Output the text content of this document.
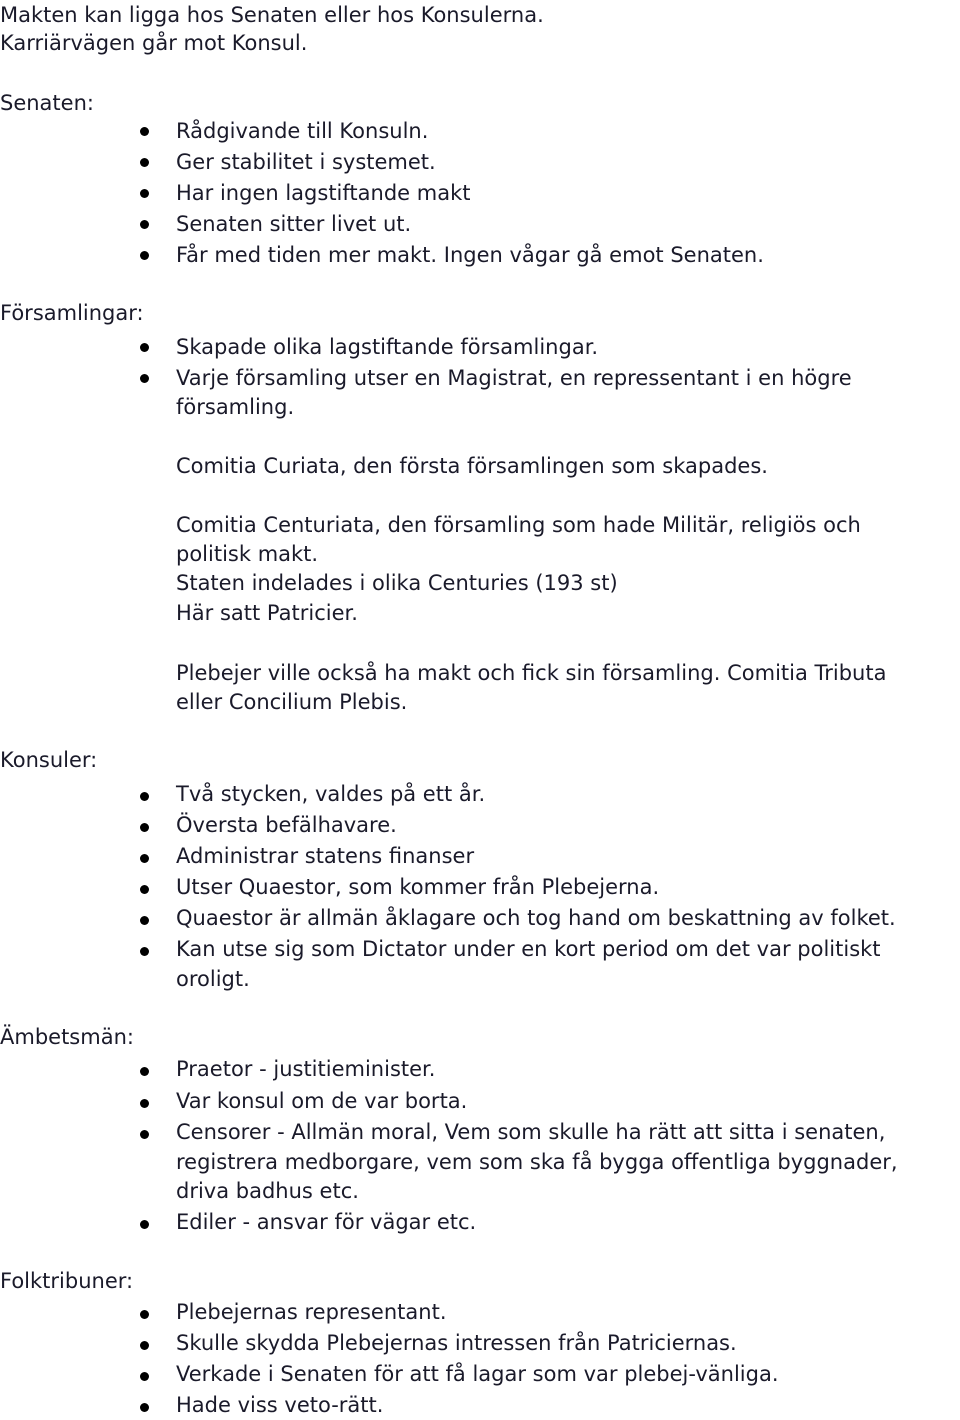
Makten kan ligga hos Senaten eller hos Konsulerna.
Karriärvägen går mot Konsul.
Senaten:
Rådgivande till Konsuln.
Ger stabilitet i systemet.
Har ingen lagstiftande makt
Senaten sitter livet ut.
Får med tiden mer makt. Ingen vågar gå emot Senaten.
Församlingar:
Skapade olika lagstiftande församlingar.
Varje församling utser en Magistrat, en repressentant i en högre
församling.
Comitia Curiata, den första församlingen som skapades.
Comitia Centuriata, den församling som hade Militär, religiös och
politisk makt.
Staten indelades i olika Centuries (193 st)
Här satt Patricier.
Plebejer ville också ha makt och fick sin församling. Comitia Tributa
eller Concilium Plebis.
Konsuler:
Två stycken, valdes på ett år.
Översta befälhavare.
Administrar statens finanser
Utser Quaestor, som kommer från Plebejerna.
Quaestor är allmän åklagare och tog hand om beskattning av folket.
Kan utse sig som Dictator under en kort period om det var politiskt
oroligt.
Ämbetsmän:
Praetor - justitieminister.
Var konsul om de var borta.
Censorer - Allmän moral, Vem som skulle ha rätt att sitta i senaten,
registrera medborgare, vem som ska få bygga offentliga byggnader,
driva badhus etc.
Ediler - ansvar för vägar etc.
Folktribuner:
Plebejernas representant.
Skulle skydda Plebejernas intressen från Patriciernas.
Verkade i Senaten för att få lagar som var plebej-vänliga.
Hade viss veto-rätt.
